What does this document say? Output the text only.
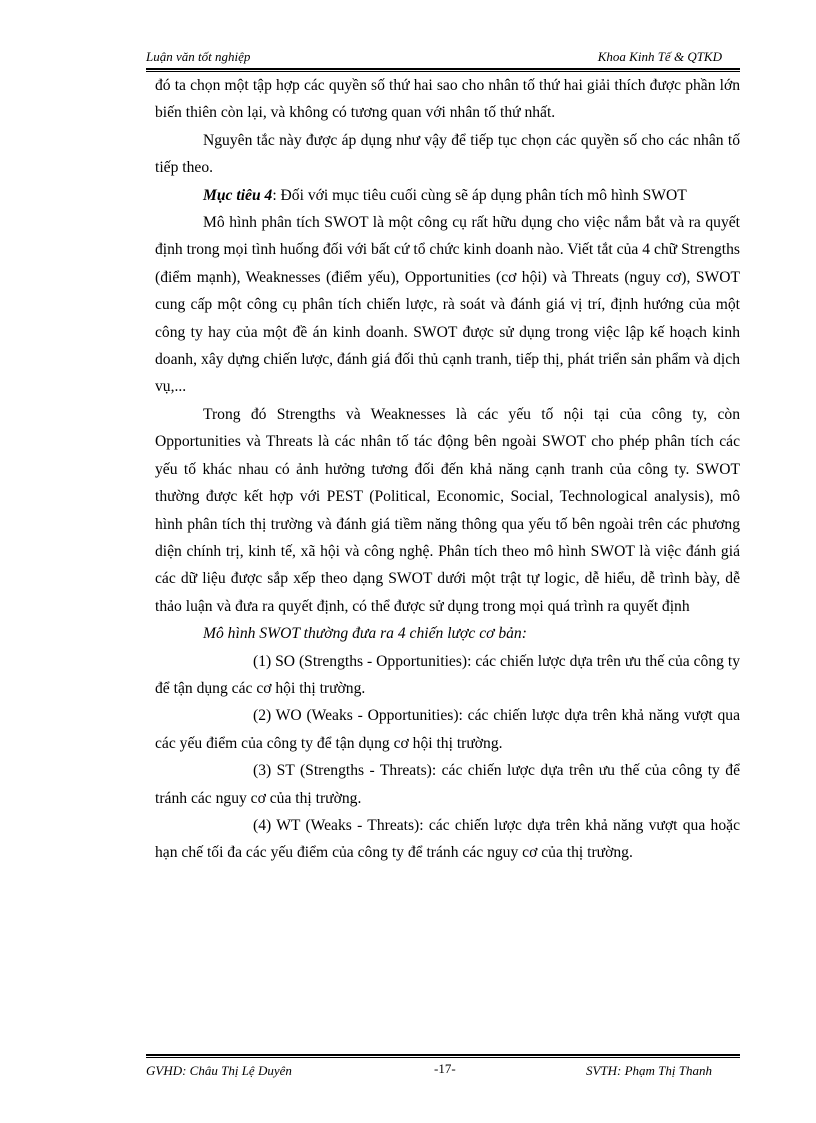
Luận văn tốt nghiệp	Khoa Kinh Tế & QTKD

đó ta chọn một tập hợp các quyền số thứ hai sao cho nhân tố thứ hai giải thích được phần lớn biến thiên còn lại, và không có tương quan với nhân tố thứ nhất.

Nguyên tắc này được áp dụng như vậy để tiếp tục chọn các quyền số cho các nhân tố tiếp theo.

Mục tiêu 4: Đối với mục tiêu cuối cùng sẽ áp dụng phân tích mô hình SWOT

Mô hình phân tích SWOT là một công cụ rất hữu dụng cho việc nắm bắt và ra quyết định trong mọi tình huống đối với bất cứ tổ chức kinh doanh nào. Viết tắt của 4 chữ Strengths (điểm mạnh), Weaknesses (điểm yếu), Opportunities (cơ hội) và Threats (nguy cơ), SWOT cung cấp một công cụ phân tích chiến lược, rà soát và đánh giá vị trí, định hướng của một công ty hay của một đề án kinh doanh. SWOT được sử dụng trong việc lập kế hoạch kinh doanh, xây dựng chiến lược, đánh giá đối thủ cạnh tranh, tiếp thị, phát triển sản phẩm và dịch vụ,...

Trong đó Strengths và Weaknesses là các yếu tố nội tại của công ty, còn Opportunities và Threats là các nhân tố tác động bên ngoài SWOT cho phép phân tích các yếu tố khác nhau có ảnh hưởng tương đối đến khả năng cạnh tranh của công ty. SWOT thường được kết hợp với PEST (Political, Economic, Social, Technological analysis), mô hình phân tích thị trường và đánh giá tiềm năng thông qua yếu tố bên ngoài trên các phương diện chính trị, kinh tế, xã hội và công nghệ. Phân tích theo mô hình SWOT là việc đánh giá các dữ liệu được sắp xếp theo dạng SWOT dưới một trật tự logic, dễ hiểu, dễ trình bày, dễ thảo luận và đưa ra quyết định, có thể được sử dụng trong mọi quá trình ra quyết định

Mô hình SWOT thường đưa ra 4 chiến lược cơ bản:

(1) SO (Strengths - Opportunities): các chiến lược dựa trên ưu thế của công ty để tận dụng các cơ hội thị trường.

(2) WO (Weaks - Opportunities): các chiến lược dựa trên khả năng vượt qua các yếu điểm của công ty để tận dụng cơ hội thị trường.

(3) ST (Strengths - Threats): các chiến lược dựa trên ưu thế của công ty để tránh các nguy cơ của thị trường.

(4) WT (Weaks - Threats): các chiến lược dựa trên khả năng vượt qua hoặc hạn chế tối đa các yếu điểm của công ty để tránh các nguy cơ của thị trường.

GVHD: Châu Thị Lệ Duyên	-17-	SVTH: Phạm Thị Thanh
